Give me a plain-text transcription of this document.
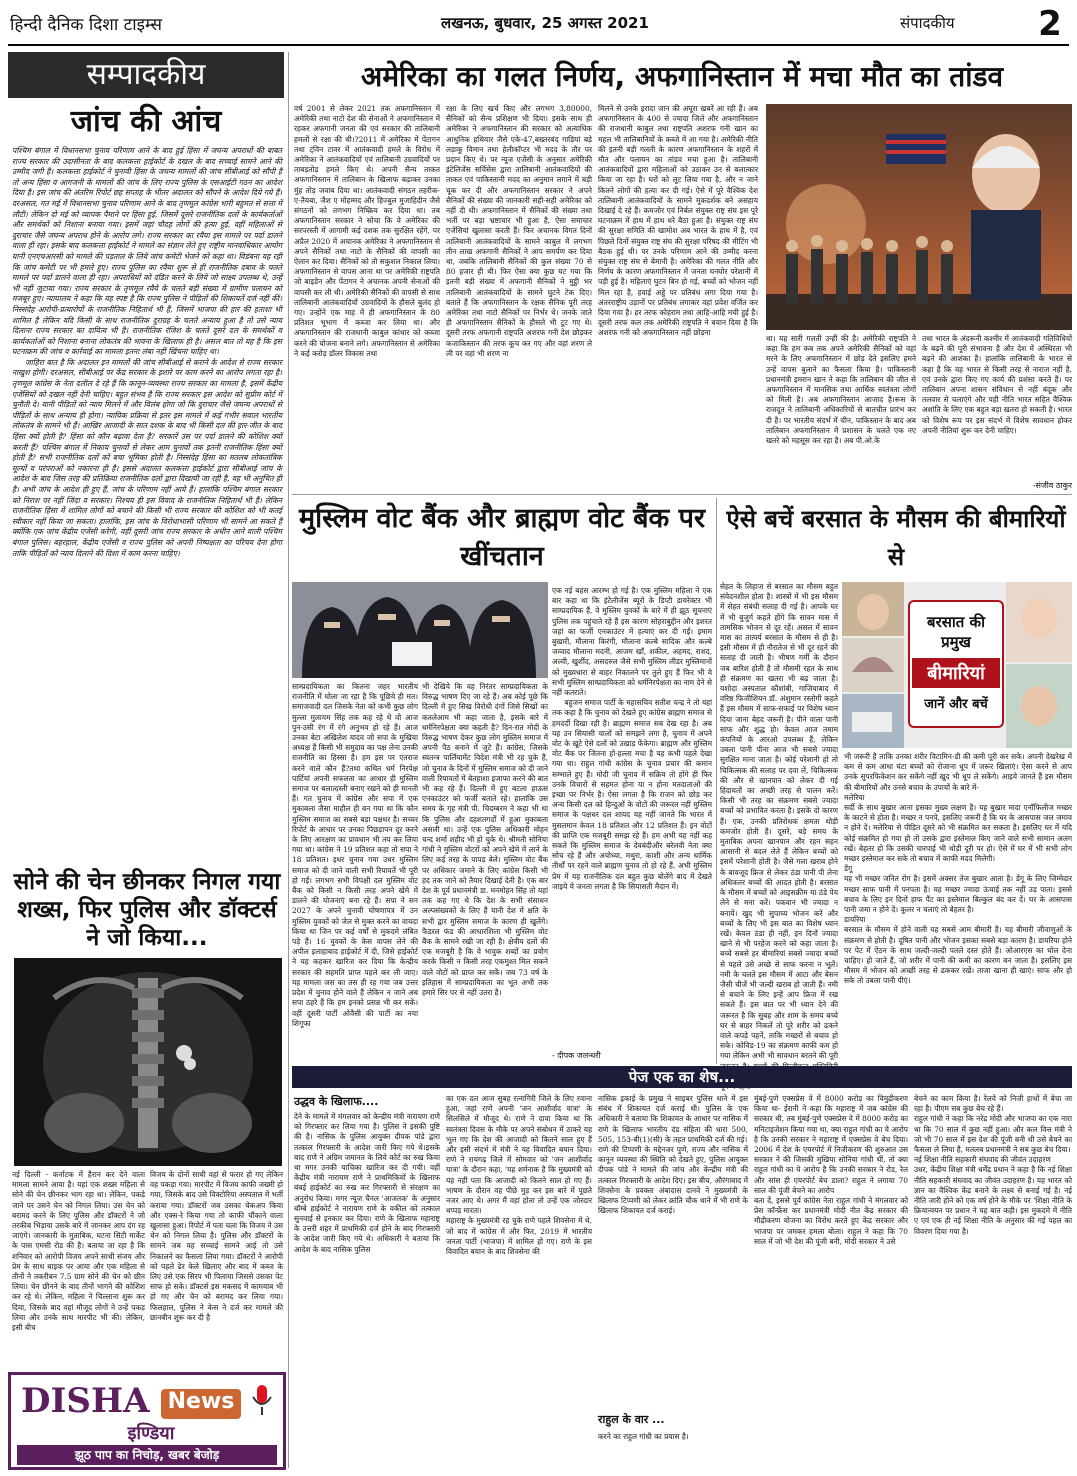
हिन्दी दैनिक दिशा टाइम्स	लखनऊ, बुधवार, 25 अगस्त 2021	संपादकीय	2
सम्पादकीय
जांच की आंच
पश्चिम बंगाल में विधानसभा चुनाव परिणाम आने के बाद हुई हिंसा में जघन्य अपराधों की बाबत राज्य सरकार की उदासीनता के बाद कलकत्ता हाईकोर्ट के दखल के बाद सच्चाई सामने आने की उम्मीद जगी है। कलकत्ता हाईकोर्ट ने चुनावी हिंसा के जघन्य मामलों की जांच सीबीआई को सौंपी है तो अन्य हिंसा व आगजनी के मामलों की जांच के लिए राज्य पुलिस के एसआईटी गठन का आदेश दिया है। इस जांच की अंतरिम रिपोर्ट छह सप्ताह के भीतर अदालत को सौंपने के आदेश दिये गये हैं। दरअसल, गत मई में विधानसभा चुनाव परिणाम आने के बाद तृणमूल कांग्रेस भारी बहुमत से सत्ता में लौटी। लेकिन दो मई को व्यापक पैमाने पर हिंसा हुई, जिसमें दूसरे राजनीतिक दलों के कार्यकर्ताओं और समर्थकों को निशाना बनाया गया। इसमें जहां चौदह लोगों की हत्या हुई, वहीं महिलाओं से दुराचार जैसे जघन्य अपराध होने के आरोप लगे। राज्य सरकार का रवैया इस मामले पर पर्दा डालने वाला ही रहा। इसके बाद कलकत्ता हाईकोर्ट ने मामले का संज्ञान लेते हुए राष्ट्रीय मानवाधिकार आयोग यानी एनएचआरसी को मामले की पड़ताल के लिये जांच कमेटी भेजने को कहा था। विडंबना यह रही कि जांच कमेटी पर भी हमले हुए। राज्य पुलिस का रवैया शुरू से ही राजनीतिक दबाव के चलते मामले पर पर्दा डालने वाला ही रहा। अपराधियों को दंडित करने के लिये जो साक्ष्य उपलब्ध थे, उन्हें भी नहीं जुटाया गया। राज्य सरकार के तृणमूल रवैये के चलते बड़ी संख्या में ग्रामीण पलायन को मजबूर हुए। न्यायालय ने कहा कि यह स्पष्ट है कि राज्य पुलिस ने पीड़ितों की शिकायतें दर्ज नहीं कीं। निस्संदेह आरोपी-प्रत्यारोपों के राजनीतिक निहितार्थ भी हैं, जिसमें भाजपा की हार की हताशा भी शामिल है लेकिन यदि किसी के साथ राजनीतिक दुराग्रह के चलते अन्याय हुआ है तो उसे न्याय दिलाना राज्य सरकार का दायित्व भी है। राजनीतिक रंजिश के चलते दूसरे दल के समर्थकों व कार्यकर्ताओं को निशाना बनाना लोकतंत्र की भावना के खिलाफ ही है। असल बात तो यह है कि इस घटनाक्रम की जांच व कार्रवाई का मामला इतना लंबा नहीं खिंचना चाहिए था।
जाहिरा बात है कि अदालत इन मामलों की जांच सीबीआई से कराने के आदेश से राज्य सरकार नाखुश होगी। दरअसल, सीबीआई पर केंद्र सरकार के इशारे पर काम करने का आरोप लगता रहा है। तृणमूल कांग्रेस के नेता दलील दे रहे हैं कि कानून-व्यवस्था राज्य सरकार का मामला है, इसमें केंद्रीय एजेंसियों को दखल नहीं देनी चाहिए। बहुत संभव है कि राज्य सरकार इस आदेश को सुप्रीम कोर्ट में चुनौती दे। यानी पीड़ितों को न्याय मिलने में और विलंब होगा जो कि दुराचार जैसे जघन्य अपराधों से पीड़ितों के साथ अन्याय ही होगा। न्यायिक प्रक्रिया से इतर इस मामले में कई गंभीर सवाल भारतीय लोकतंत्र के सामने भी हैं। आखिर आजादी के सात दशक के बाद भी किसी दल की हार-जीत के बाद हिंसा क्यों होती है? हिंसा को कौन बढ़ावा देता है? सरकारें उस पर पर्दा डालने की कोशिश क्यों करती हैं? पश्चिम बंगाल में निकाय चुनावों से लेकर आम चुनावों तक इतनी राजनीतिक हिंसा क्यों होती है? सभी राजनीतिक दलों को बचा भूमिका होती है। निस्संदेह हिंसा का मतलब लोकतांत्रिक मूल्यों व परंपराओं को नकारना ही है। इससे अदालत कलकत्ता हाईकोर्ट द्वारा सीबीआई जांच के आदेश के बाद जिस तरह की प्रतिक्रिया राजनीतिक दलों द्वारा दिखायी जा रही है, वह भी अनुचित ही है। अभी जांच के आदेश ही हुए हैं, जांच के परिणाम नहीं आये हैं। हालांकि पश्चिम बंगाल सरकार को निराश पर नहीं जिंदा व सरकार। निश्चय ही इस विवाद के राजनीतिक निहितार्थ भी हैं। लेकिन राजनीतिक हिंसा में शामिल लोगों को बचाने की किसी भी राज्य सरकार की कोशिश को भी कतई स्वीकार नहीं किया जा सकता। हालांकि, इस जांच के विरोधाभासी परिणाम भी सामने आ सकते हैं क्योंकि एक जांच केंद्रीय एजेंसी करेगी, वहीं दूसरी जांच राज्य सरकार के अधीन आने वाली पश्चिम बंगाल पुलिस। बहरहाल, केंद्रीय एजेंसी व राज्य पुलिस को अपनी निष्पक्षता का परिचय देना होगा ताकि पीड़ितों को न्याय दिलाने की दिशा में काम करना चाहिए।
सोने की चेन छीनकर निगल गया शख्स, फिर पुलिस और डॉक्टर्स ने जो किया...
नई दिल्ली - कर्नाटक में हैरान कर देने वाला मामला सामने आया है। यहां एक शख्स महिला से सोने की चेन छीनकर भाग रहा था। लेकिन, पकड़े जाने पर उसने चेन को निगल लिया। उस चेन को बरामद करने के लिए पुलिस और डॉक्टरों ने जो तरकीब भिड़ाया उसके बारे में जानकर आप दंग रह जाएंगे। जानकारी के मुताबिक, घटना सिटी मार्केट के पास एमसी रोड की है। बताया जा रहा है कि शनिवार को आरोपी विजय अपने साथी संजय और प्रेम के साथ बाइक पर आया और एक महिला से तीनों ने तकरीबन 7.5 ग्राम सोने की चेन को छीन लिया। चेन छीनने के बाद तीनों भागने की कोशिश कर रहे थे। लेकिन, महिला ने चिल्लाना शुरू कर दिया, जिसके बाद वहां मौजूद लोगों ने उन्हें पकड़ लिया और उनके साथ मारपीट भी की। लेकिन, इसी बीच
विजय के दोनों साथी वहां से फरार हो गए लेकिन वह पकड़ा गया। मारपीट में विजय काफी जख्मी हो गया, जिसके बाद उसे विक्टोरिया अस्पताल में भर्ती कराया गया। डॉक्टरों जब उसका चेकअप किया और एक्स-रे किया गया तो काफी चौंकाने वाला खुलासा हुआ। रिपोर्ट में पता चला कि विजय ने उस चेन को निगल लिया है। पुलिस और डॉक्टरों के सामने जब यह सच्चाई सामने आई तो उसे निकालने का फैसला लिया गया। डॉक्टरों ने आरोपी को पहले ढेर केले खिलाए और बाद में कब्ज के लिए उसे एक सिरप भी पिलाया जिससे उसका पेट साफ हो सके। डॉक्टर्स इस मकसद में कामयाब भी हो गए और चेन को बरामद कर लिया गया। फिलहाल, पुलिस ने केस ने दर्ज कर मामले की छानबीन शुरू कर दी है
अमेरिका का गलत निर्णय, अफगानिस्तान में मचा मौत का तांडव
वर्ष 2001 से लेकर 2021 तक अफगानिस्तान में अमेरिकी तथा नाटो देश की सेनाओं ने अफगानिस्तान में रहकर अफगानी जनता की एवं सरकार की तालिबानी हमलों से रक्षा की थी।?2011 में अमेरिका में पेंटागन तथा ट्विन टावर में आतंकवादी हमले के विरोध में अमेरिका ने आतंकवादियों एवं तालिबानी उग्रवादियों पर ताबड़तोड़ हमले किए थे। अपनी सैन्य ताकत अफगानिस्तान में तालिबान के खिलाफ बढ़ाकर उनका मुंह तोड़ जवाब दिया था। आतंकवादी संगठन तहरीक-ए-तैयबा, जैश ए मोहम्मद और हिज्बुल मुजाहिदीन जैसे संगठनों को लगभग निष्क्रिय कर दिया था। तब अफगानिस्तान सरकार ने सोचा कि वे अमेरिका की सरपरस्ती में आगामी कई दशक तक सुरक्षित रहेंगे, पर अप्रैल 2020 में अचानक अमेरिका ने अफगानिस्तान से अपने सैनिकों तथा नाटो के सैनिकों की वापसी का ऐलान कर दिया। सैनिकों को तो सकुशल निकाल लिया। अफगानिस्तान से वापस आना था पर अमेरिकी राष्ट्रपति जो बाइडेन और पेंटागन ने अचानक अपनी सेनाओं की वापसी कर ली थी। अमेरिकी सैनिकों की वापसी से साथ तालिबानी आतंकवादियों उग्रवादियों के हौसले बुलंद हो गए। उन्होंने एक माह में ही अफगानिस्तान के 80 प्रतिशत भूभाग में कब्जा कर लिया था। और अफगानिस्तान की राजधानी काबुल कांधार को कब्जा करने की योजना बनाने लगे। अफगानिस्तान से अमेरिका ने कई करोड़ डॉलर विकास तथा
रक्षा के लिए खर्च किए और लगभग 3,80000, सैनिकों को सैन्य प्रशिक्षण भी दिया। इसके साथ ही अमेरिका ने अफगानिस्तान की सरकार को अत्याधिक आधुनिक हथियार जैसे एके-47,बख्तरबंद गाड़ियां बड़े लड़ाकू विमान तथा हेलीकॉप्टर भी मदद के तौर पर प्रदान किए थे। पर न्यूज एजेंसी के अनुसार अमेरिकी इंटेलिजेंस सर्विसेस द्वारा तालिबानी आतंकवादियों की ताकत एवं पाकिस्तानी मदद का अनुमान लगाने में बड़ी चूक कर दी और अफगानिस्तान सरकार ने अपने सैनिकों की संख्या की जानकारी सही-सही अमेरिका को नहीं दी थी। अफगानिस्तान में सैनिकों की संख्या तथा भर्ती पर बड़ा भ्रष्टाचार भी हुआ है, ऐसा समाचार एजेंसियां खुलासा करती हैं। फिर अचानक विगत दिनों तालिबानी आतंकवादियों के सामने काबुल में लगभग तीन लाख अफगानी सैनिकों ने आप समर्पण कर दिया था, जबकि तालिबानी सैनिकों की कुल संख्या 70 से 80 हजार ही थी। फिर ऐसा क्या कुछ घट गया कि इतनी बड़ी संख्या में अफगानी सैनिकों ने मुट्ठी भर तालिबानी आतंकवादियों के सामने घुटने टेक दिए। बताते हैं कि अफगानिस्तान के रक्षक सैनिक पूरी तरह अमेरिका तथा नाटो सैनिकों पर निर्भर थे। जनके जाते ही अफगानिस्तान सैनिकों के हौसले भी टूट गए थे। दूसरी तरफ अफगानी राष्ट्रपति अशरफ गनी देश छोड़कर कजाकिस्तान की तरफ कूच कर गए और वहां शरण ले ली पर वहां भी शरण ना
मिलने से उनके इरादा जान की अघूरा खबरें आ रही हैं। अब अफगानिस्तान के 400 से ज्यादा जिले और अफगानिस्तान की राजधानी काबुल तथा राष्ट्रपति अशरफ गनी खान का महल भी तालिबानियों के कब्जे में आ गया है। अमेरिकी नीति की इतनी बड़ी गलती के कारण अफगानिस्तान के शहरों में मौत और पलायन का तांडव मचा हुआ है। तालिबानी आतंकवादियों द्वारा महिलाओं को उठाकर उन से बलात्कार किया जा रहा है। घरों को लूट लिया गया है, और न जाने कितने लोगों की हत्या कर दी गई। ऐसे में पूरे वैश्विक देश तालिबानी आतंकवादियों के सामने मूकदर्शक बने असहाय दिखाई दे रहे हैं। कमजोर एवं निर्बल संयुक्त राष्ट्र संघ इस पूरे घटनाक्रम में हाथ में हाथ धरे बैठा हुआ है। संयुक्त राष्ट्र संघ की सुरक्षा समिति की खामोश अब भारत के हाथ में है, एवं पिछले दिनों संयुक्त राष्ट्र संघ की सुरक्षा परिषद की मीटिंग भी बैठक हुई थी। पर उनके परिणाम आने की उम्मीद करना संयुक्त राष्ट्र संघ से बेमानी है। अमेरिका की गलत नीति और निर्णय के कारण अफगानिस्तान में जनता घनघोर परेशानी में पड़ी हुई है। महिलाएं घुटन बिन हो गई, बच्चों को भोजन नहीं मिल रहा है, हवाई अड्डे पर प्रतिबंध लगा दिया गया है। अंतरराष्ट्रीय उड़ानों पर प्रतिबंध लगाकर वहां प्रवेश वर्जित कर दिया गया है। हर तरफ कोहराम तथा आहि-आहि मची हुई है। दूसरी तरफ कल तक अमेरिकी राष्ट्रपति ने बयान दिया है कि अशरफ गनी को अफगानिस्तान नहीं छोड़ना
था। यह सारी गलती उन्हीं की है। अमेरिकी राष्ट्रपति ने कहा कि हम कब तक अपने अमेरिकी सैनिकों को वहां मरने के लिए अफगानिस्तान में छोड़ देते इसलिए हमने उन्हें वापस बुलाने का फैसला किया है। पाकिस्तानी प्रधानमंत्री इमरान खान ने कहा कि तालिबान की जीत से अफगानिस्तान में मानसिक तथा आर्थिक स्वतंत्रता लोगों को मिली है। अब अफगानिस्तान आजाद है।रूस के राजदूत ने तालिबानी अधिकारियों से बातचीत प्रारंभ कर दी है। पर भारतीय संदर्भ में चीन, पाकिस्तान के बाद अब तालिबान अफगानिस्तान में प्रशासन के चलते एक नए खतरे को महसूस कर रहा है। अब पी.ओ.के
तथा भारत के अंदरूनी कश्मीर में आतंकवादी गतिविधियों के बढ़ने की पूरी संभावना है और देश में अस्थिरता भी बढ़ने की आशंका है। हालांकि तालिबानी के भारत से कहा है कि यह भारत से किसी तरह से नाराज नहीं है, एवं उनके द्वारा किए गए कार्य की प्रशंसा करते हैं। पर तालिबान अपना शासन संविधान से नहीं बंदूक और तलवार से चलाएंगे और यही नीति भारत सहित वैश्विक अशांति के लिए एक बहुत बड़ा खतरा हो सकती है। भारत को विशेष रूप पर इस संदर्भ में विशेष सावधान होकर अपनी नीतियां शुरू कर देनी चाहिए।
-संजीव ठाकुर
मुस्लिम वोट बैंक और ब्राह्मण वोट बैंक पर खींचतान
साम्प्रदायिकता का कितना जहर भारतीय राजनीति में घोला जा रहा है कि पूछिये ही मत। समाजवादी दल जिसके नेता को कभी कुछ लोग मुल्ला मुलायम सिंह तक कह रहे थे वो आज पुन-उसी रंग में रंगे अनुभव हो रहे हैं। आज उनका बेटा अखिलेश यादव जो सपा के मुखिया अध्यक्ष हैं किसी भी समुदाय का पक्ष लेना उनकी राजनीति का हिस्सा है। हम इस पर एतराज करने वाले कौन हैं?तथा कथित धर्म निरपेक्ष पार्टियां अपनी सफलता का आधार ही मुस्लिम समाज पर बलात्दस्ती बनाए रखने को ही मानती हैं। गत चुनाव में कांग्रेस और सपा में एक मुकाबला जैसा माहौल ही बन गया था कि कौन मुस्लिम समाज का सबसे बड़ा पक्षधर है। सच्चर रिपोर्ट के आधार पर उनका पिछड़ापन दूर करने के लिए आरक्षण का प्रावधान भी तय कर लिया गया था। कांग्रेस ने 19 प्रतिशत कहा तो सपा ने 18 प्रतिशत। इधर चुनाव गया उधर मुस्लिम समाज को दी जाने वाली सभी रियायतें भी पूरी हो गईं। लगभग सभी विपक्षी दल मुस्लिम वोट बैंक को किसी न किसी तरह अपने खेमे में डालने की योजनाएं बना रहे हैं। सपा ने सन 2027 के अपने चुनावी घोषणापत्र में उन मुस्लिम युवकों को जेल से मुक्त करने का वायदा किया था जिन पर कई वर्षों से मुकदमे लंबित पड़े हैं। 16 युवकों के केस वापस लेने की अपील इलाहाबाद हाईकोर्ट में दी, जिसे हाईकोर्ट ने यह कहकर खारिज कर दिया कि केन्द्रीय सरकार की सहमति प्राप्त पहले कर ली जाए। यह मामला जस का तस ही रह गया जब उत्तर प्रदेश में चुनाव होने वाले हैं लेकिन न जाने अब सपा ठहरे हैं कि हम इनको प्रसन्न भी कर सकें। वहीं दूसरी पार्टी ओवैसी की पार्टी का नया शिगूफा
भी देखिये कि वह निरंतर साम्प्रदायिकता के विरुद्ध भाषण दिए जा रहे हैं। अब कोई पूछे कि दिल्ली में हुए सिख विरोधी दंगों जिसे सिखों का कतलेआम भी कहा जाता है, इसके बारे में धर्मनिरपेक्षता क्या कहती है? दिन-रात मोदी के विरुद्ध भाषण देकर कुछ लोग मुस्लिम समाज में अपनी पैठ बनाने में जुटे हैं। कांग्रेस, जिसके स्वतन्त्र पार्लियामेंट विदेश मंत्री भी रह चुके हैं, जो चुनाव के दिनों में मुस्लिम समाज को दी जाने वाली रियायतों में बेतहाशा इजाफा करने की बात भी कह रहे हैं। दिल्ली में हुए बटला हाऊस एनकाउंटर को फर्जी बताते रहे। हालांकि उस समय के गृह मंत्री पी. चिदम्बरम ने कहा भी था कि पुलिस और दहशतगर्दों में हुआ मुकाबला असली था। उन्हें एक पुलिस अधिकारी मोहन चन्द शर्मा शहीद भी हो चुके थे। श्रीमती सोनिया गांधी ने मुस्लिम वोटरों को अपने खेमे में लाने के लिए कई तरह के पापड़ बेले। मुस्लिम वोट बैंक पर अधिकार जमाने के लिए कांग्रेस किसी भी हद तक जाने को तैयार दिखाई देती है। एक बार देश के पूर्व प्रधानमंत्री डा. मनमोहन सिंह तो यहां तक कह गए थे कि देश के सभी संसाधन अल्पसंख्यकों के लिए हैं यानी देश में क्षति के सभी द्वार मुस्लिम समाज के कारण ही खुलेंगे। फैडरल फंड की आधारशिला भी मुस्लिम वोट बैंक के सामने रखी जा रही है। क्षेत्रीय दलों की एक मजबूरी है कि वे भावुक शब्दों का प्रयोग करके किसी न किसी तरह एकमुश्त मिल सकने वाले वोटों को प्राप्त कर सकें। जब 73 वर्ष के इतिहास में साम्प्रदायिकता का भूत अभी तक हमारे सिर पर से नहीं उतरा है।
एक नई बहस आरम्भ हो गई है। एक मुस्लिम महिला ने एक बार कहा था कि इंटेलीजेंस ब्यूरो के डिप्टी डायरेक्टर भी साम्प्रदायिक हैं, वे मुस्लिम युवकों के बारे में ही झूठ सूचनाएं पुलिस तक पहुंचाते रहे हैं इस कारण सोहराबुद्दीन और इशरत जहां का फर्जी एनकाउंटर में हत्याएं कर दी गईं। इमाम बुखारी, मौलाना किरंगी, मौलाना कल्बे सादिक और कल्बे जव्वाद मौलाना मदनी, आजम खाँ, शकील, अहमद, राशद, अल्वी, खुर्शीद, असदरुल जैसे सभी मुस्लिम लीडर मुस्लिमानों को मुख्यधारा से बाहर निकालने पर तुले हुए हैं फिर भी ये सभी मुस्लिम साम्प्रदायिकता को धर्मनिरपेक्षता का नाम देने से नहीं कतराते।
बहुजन समाज पार्टी के महासचिव सतीश चन्द्र ने तो यहां तक कहा है कि चुनाव को देखते हुए कांग्रेस ब्राह्मण समाज से हमदर्दी दिखा रही है। ब्राह्मण समाज सब देख रहा है। अब यह उन सियासी चालों को समझने लगा है, चुनाव में अपने वोट के खूटे ऐसे दलों को उखाड़ फेंकेगा। ब्राह्मण और मुस्लिम वोट बैंक पर जितना हो-हल्ला मचा है यह कभी पहले देखा गया था। राहुल गांधी कांग्रेस के चुनाव प्रचार की कमान सम्भाले हुए हैं। मोदी जी चुनाव में सक्रिय तो होंगे ही फिर उनके विचारों से सहमत होना या न होना मतदाताओं की इच्छा पर निर्भर है। ऐसा लगता है कि राजन को छोड़ कर अन्य किसी दल को हिन्दुओं के वोटों की जरूरत नहीं मुस्लिम समाज के पक्षधर दल शायद यह नहीं जानते कि भारत में मुसलमान केवल 18 प्रतिशत और 12 प्रतिशत हैं। इन वोटों की प्राप्ति एक मजबूरी समझ रहे हैं। हम अभी यह नहीं कह सकते कि मुस्लिम समाज के देवबंदीऔर बरेलवी नेता क्या सोच रहे हैं और अयोध्या, मथुरा, काशी और अन्य धार्मिक तीर्थों पर रहने वाले ब्राह्मण चुनाव तो हो रहे हैं, अभी मुस्लिम प्रेम में यह राजनीतिक दल बहुत कुछ बोलेंगे बाद में देखते जाइये ये जनता लगता है कि सियासती मैदान में।
- दीपक जलन्धरी
ऐसे बचें बरसात के मौसम की बीमारियों से
सेहत के लिहाज से बरसात का मौसम बहुत संवेदनशील होता है। शास्त्रों में भी इस मौसम में सेहत संबंधी सलाह दी गई है। आपके घर में भी बुजुर्ग कहते होंगे कि सावन मास में तामसिक भोजन से दूर रहें। असल में सावन मास का तात्पर्य बरसात के मौसम से ही है। इसी मौसम में ही नौरातेज से भी दूर रहने की सलाह दी जाती है। भीषण गर्मी के दौरान जब बारिश होती है तो मौसमी रहत के साथ ही संक्रमण का खतरा भी बढ़ जाता है। यशोदा अस्पताल कौशांबी, गाजियाबाद में वरिष्ठ फिजीशियन डॉ. अंशुमान रस्तोगी कहते हैं इस मौसम में साफ-सफाई पर विशेष ध्यान दिया जाना बेहद जरूरी है। पीने वाला पानी साफ और शुद्ध हो। केवल आज तमाम कंपनियों के आरओ उपलब्ध हैं, लेकिन उबला पानी पीना आज भी सबसे ज्यादा सुरक्षित माना जाता है। कोई परेशानी हो तो चिकित्सक की सलाह पर दवा लें, चिकित्सक की और से खानपान को लेकर दी गई हिदायतों का अच्छी तरह से पालन करें। किसी भी तरह का संक्रमण सबसे ज्यादा बच्चों को प्रभावित करता है। इसके दो कारण हैं। एक, उनकी प्रतिरोधक क्षमता थोड़ी कमजोर होती है। दूसरे, बड़े समय के मुताबिक अपना खानपान और रहन सहन आसानी से बदल लेते हैं लेकिन बच्चों को इसमें परेशानी होती है। जैसे गला खराब होने के बावजूद फ्रिज से लेकर ठंडा पानी पी लेना अधिकतर बच्चों की आदत होती है। बरसात के मौसम में बच्चों को आइसक्रीम या ठंडे पेय लेने से मना करें। पकवान भी ज्यादा न बनायें। खुद भी सुपाच्य भोजन करें और बच्चों के लिए भी इस बात का विशेष ध्यान रखें। केवल ठंडा ही नहीं, इन दिनों ज्यादा खाने से भी परहेज करने को कहा जाता है। बच्चे सबसे हर बीमारियां सबसे ज्यादा बच्चों से पहले उसे अच्छे से साफ करना न भूलें। नमी के चलते इस मौसम में आटा और बेसन जैसी चीजें भी जल्दी खराब हो जाती हैं। नमी से बचाने के लिए इन्हें आप फ्रिज में रख सकते हैं। इस बात पर भी ध्यान देने की जरूरत है कि सुबह और शाम के समय बच्चे घर से बाहर निकलें तो पूरे शरीर को ढकने वाले कपड़े पहनें, ताकि मच्छरों से बचाव हो सके। कोविड-19 का संक्रमण काफी कम हो गया लेकिन अभी भी सावधान बरतने की पूरी
बरसात की
प्रमुख
बीमारियां
जानें और बचें
भी जरूरी है ताकि उनका शरीर विटामिन-डी की कमी पूरी कर सके। अपनी देखरेख में कम से कम आधा घंटा बच्चों को रोजाना धूप में जरूर खिलाएं। ऐसा करने से आप उनके सुपरफिकेशन कर सकेंगे नहीं खुद भी धूप ले सकेंगे। आइये जानते हैं इस मौसम की बीमारियों और उनसे बचाव के उपायों के बारे में-
मलेरिया
सर्दी के साथ बुखार आना इसका मुख्य लक्षण है। यह बुखार मादा एनॉफिलीज मच्छर के काटने से होता है। मच्छर न पनपे, इसलिए जरूरी है कि घर के आसपास जल जमाव न होने दें। मलेरिया से पीड़ित दूसरे को भी संक्रमित कर सकता है। इसलिए घर में यदि कोई संक्रमित हो गया हो तो उसके द्वारा इस्तेमाल किए जाने वाले सभी सामान अलग रखें। बेहतर हो कि उसकी चारपाई भी थोड़ी दूरी पर हो। ऐसे में घर में भी सभी लोग मच्छर इस्तेमाल कर सके तो बचाव में काफी मदद मिलेगी।
डेंगू
यह भी मच्छर जनित रोग है। इसमें अक्सर तेज बुखार आता है। डेंगू के लिए जिम्मेदार मच्छर साफ पानी में पनपता है। यह मच्छर ज्यादा ऊंचाई तक नहीं उड़ पाता। इससे बचाव के लिए इन दिनों हाफ पैंट का इस्तेमाल बिल्कुल बंद कर दें। घर के आसपास पानी जमा न होने दें। कूलर न चलाएं तो बेहतर है।
डायरिया
बरसात के मौसम में होने वाली यह सबसे आम बीमारी है। यह बीमारी जीवाणुओं के संक्रमण से होती है। दूषित पानी और भोजन इसका सबसे बड़ा कारण है। डायरिया होने पर पेट में ऐंठन के साथ जल्दी-जल्दी पतले दस्त होते हैं। ओआरएस का घोल देना चाहिए। हो जाते हैं, जो शरीर में पानी की कमी का कारण बन जाता है। इसलिए इस मौसम में भोजन को अच्छी तरह से ढककर रखें। ताजा खाना ही खाएं। साफ और हो सके तो उबला पानी पीएं।
पेज एक का शेष...
उद्धव के खिलाफ....
देने के मामले में मंगलवार को केन्द्रीय मंत्री नारायण राणे को गिरफ्तार कर लिया गया है। पुलिस ने इसकी पुष्टि की है। नासिक के पुलिस आयुक्त दीपक पांडे द्वारा तत्काल गिरफ्तारी के आदेश जारी किए गये थे।इसके बाद राणे ने अग्रिम जमानत के लिये कोर्ट का रुख किया था मगर उनकी याचिका खारिज कर दी गयी। वहीं केंद्रीय मंत्री नारायण राणे ने प्राथमिकियों के खिलाफ बंबई हाईकोर्ट का रुख कर गिरफ्तारी से संरक्षण का अनुरोध किया। मगर न्यूज चैनल 'आजतक' के अनुसार बॉम्बे हाईकोर्ट ने नारायण राणे के वकील को तत्काल सुनवाई से इनकार कर दिया। राणे के खिलाफ महाराष्ट्र के उत्तरी शहर में प्राथमिकी दर्ज होने के बाद गिरफ्तारी के आदेश जारी किए गये थे। अधिकारी ने बताया कि आदेश के बाद नासिक पुलिस
का एक दल आज सुबह रत्नागिरी जिले के लिए रवाना हुआ, जहां राणे अपनी 'जन आशीर्वाद यात्रा' के सिलसिले में मौजूद थे। राणे ने दावा किया था कि स्वतंत्रता दिवस के मौके पर अपने संबोधन में ठाकरे यह भूल गए कि देश की आजादी को कितने साल हुए हैं और इसी संदर्भ में मंत्री ने यह विवादित बयान दिया। राणे ने रायगढ़ जिले में सोमवार को 'जन आशीर्वाद यात्रा' के दौरान कहा, 'यह शर्मनाक है कि मुख्यमंत्री को यह नहीं पता कि आजादी को कितने साल हो गए हैं। भाषण के दौरान वह पीछे मुड़ कर इस बारे में पूछते नजर आए थे। अगर मैं वहां होता तो उन्हें एक जोरदार थप्पड़ मारता।
महाराष्ट्र के मुख्यमंत्री रह चुके राणे पहले शिवसेना में थे, जो बाद में कांग्रेस में और फिर, 2019 में भारतीय जनता पार्टी (भाजपा) में शामिल हो गए। राणे के इस विवादित बयान के बाद शिवसेना की
नासिक इकाई के प्रमुख ने साइबर पुलिस थाने में इस संबंध में शिकायत दर्ज कराई थी। पुलिस के एक अधिकारी ने बताया कि शिकायत के आधार पर नासिक में राणे के खिलाफ भारतीय दंड संहिता की धारा 500, 505, 153-बी(1)(सी) के तहत प्राथमिकी दर्ज की गई।
राणे की टिप्पणी के मद्देनजर पुणे, राज्य और नासिक में कानून व्यवस्था की स्थिति को देखते हुए, पुलिस आयुक्त दीपक पांडे ने मामले की जांच और केन्द्रीय मंत्री की तत्काल गिरफ्तारी के आदेश दिए। इस बीच, औरंगाबाद में शिवसेना के प्रवक्ता अंबादास दानवे ने मुख्यमंत्री के खिलाफ टिप्पणी को लेकर क्रांति चौक थाने में भी राणे के खिलाफ शिकायत दर्ज कराई।
राहुल के वार ...
करने का राहुल गांधी का प्रयास है।
मुंबई-पुणे एक्सप्रेस वे में 8000 करोड़ का विमुद्रीकरण किया था- ईरानी ने कहा कि महाराष्ट्र में जब कांग्रेस की सरकार थी, तब मुंबई-पुणे एक्सप्रेस वे में 8000 करोड़ का मनिटाइजेशन किया गया था, क्या राहुल गांधी का ये आरोप है कि उनकी सरकार ने महाराष्ट्र में एक्सप्रेस वे बेच दिया। 2006 में देश के एयरपोर्ट में निजीकरण की शुरुआत उस सरकार ने की जिसकी मुखिया सोनिया गांधी थीं, तो क्या राहुल गांधी का ये आरोप है कि उनकी सरकार ने रोड, रेल और सांस ही एयरपोर्ट बेच डाला? राहुल ने लगाया 70 साल की पूंजी बेचने का आरोप
बता दें, इससे पूर्व कांग्रेस नेता राहुल गांधी ने मंगलवार को प्रेस कॉन्फ्रेंस कर प्रधानमंत्री मोदी नीत केंद्र सरकार की मौद्रीकरण योजना का विरोध करते हुए केंद्र सरकार और भाजपा पर जमकर हमला बोला। राहुल ने कहा कि 70 साल में जो भी देश की पूंजी बनी, मोदी सरकार ने उसे
बेचने का काम किया है। रेलवे को निजी हाथों में बेचा जा रहा है। पीएम सब कुछ बेच रहे हैं।
राहुल गांधी ने कहा कि नरेंद्र मोदी और भाजपा का एक नारा था कि 70 साल में कुछ नहीं हुआ। और कल वित्त मंत्री ने जो भी 70 साल में इस देश की पूंजी बनी थी उसे बेचने का फैसला ले लिया है, मतलब प्रधानमंत्री ने सब कुछ बेच दिया।
नई शिक्षा नीति सहकारी संघवाद की जीवंत उदाहरण
उधर, केंद्रीय शिक्षा मंत्री धर्मेंद्र प्रधान ने कहा है कि नई शिक्षा नीति सहकारी संघवाद का जीवंत उदाहरण है। यह भारत को ज्ञान का वैश्विक केंद्र बनाने के लक्ष्य से बनाई गई है। नई नीति जारी होने को एक वर्ष होने के मौके पर 'शिक्षा नीति के क्रियान्वयन पर प्रधान ने यह बात कही। इस मुकदमे में नीति ए एवं एक ही नई शिक्षा नीति के अनुसार की गई पहल का विवरण दिया गया है।
DISHA News
इण्डिया
झूठ पाप का निचोड़, खबर बेजोड़
